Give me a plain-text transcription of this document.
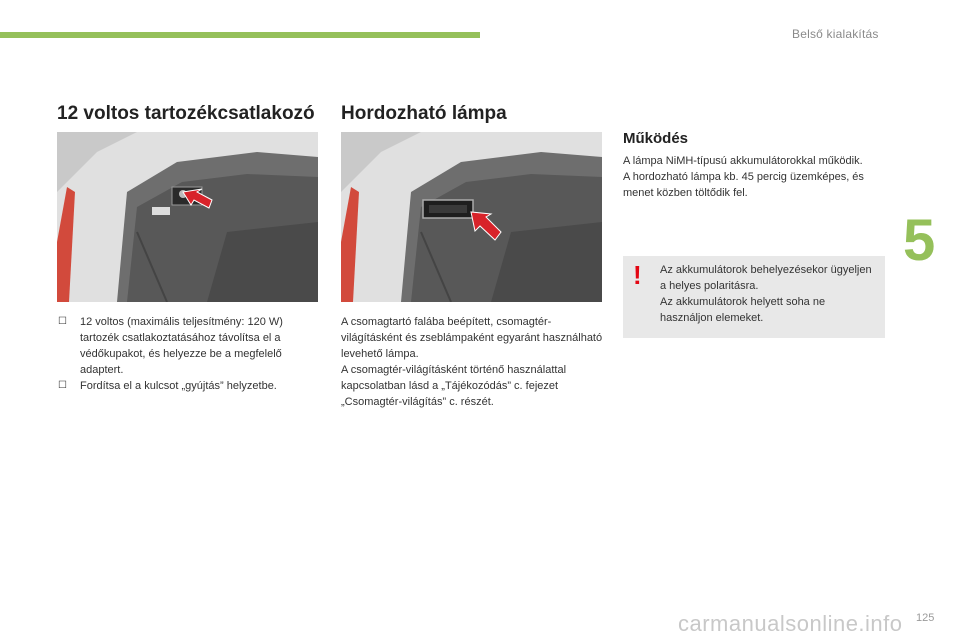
Belső kialakítás
5
12 voltos tartozékcsatlakozó Hordozható lámpa
Működés
☐ 12 voltos (maximális teljesítmény: 120 W) tartozék csatlakoztatásához távolítsa el a védőkupakot, és helyezze be a megfelelő adaptert.
☐ Fordítsa el a kulcsot „gyújtás” helyzetbe.
A csomagtartó falába beépített, csomagtér-világításként és zseblámpaként egyaránt használható levehető lámpa.
A csomagtér-világításként történő használattal kapcsolatban lásd a „Tájékozódás” c. fejezet „Csomagtér-világítás” c. részét.
A lámpa NiMH-típusú akkumulátorokkal működik.
A hordozható lámpa kb. 45 percig üzemképes, és menet közben töltődik fel.
! Az akkumulátorok behelyezésekor ügyeljen a helyes polaritásra.
Az akkumulátorok helyett soha ne használjon elemeket.
125
carmanualsonline.info
